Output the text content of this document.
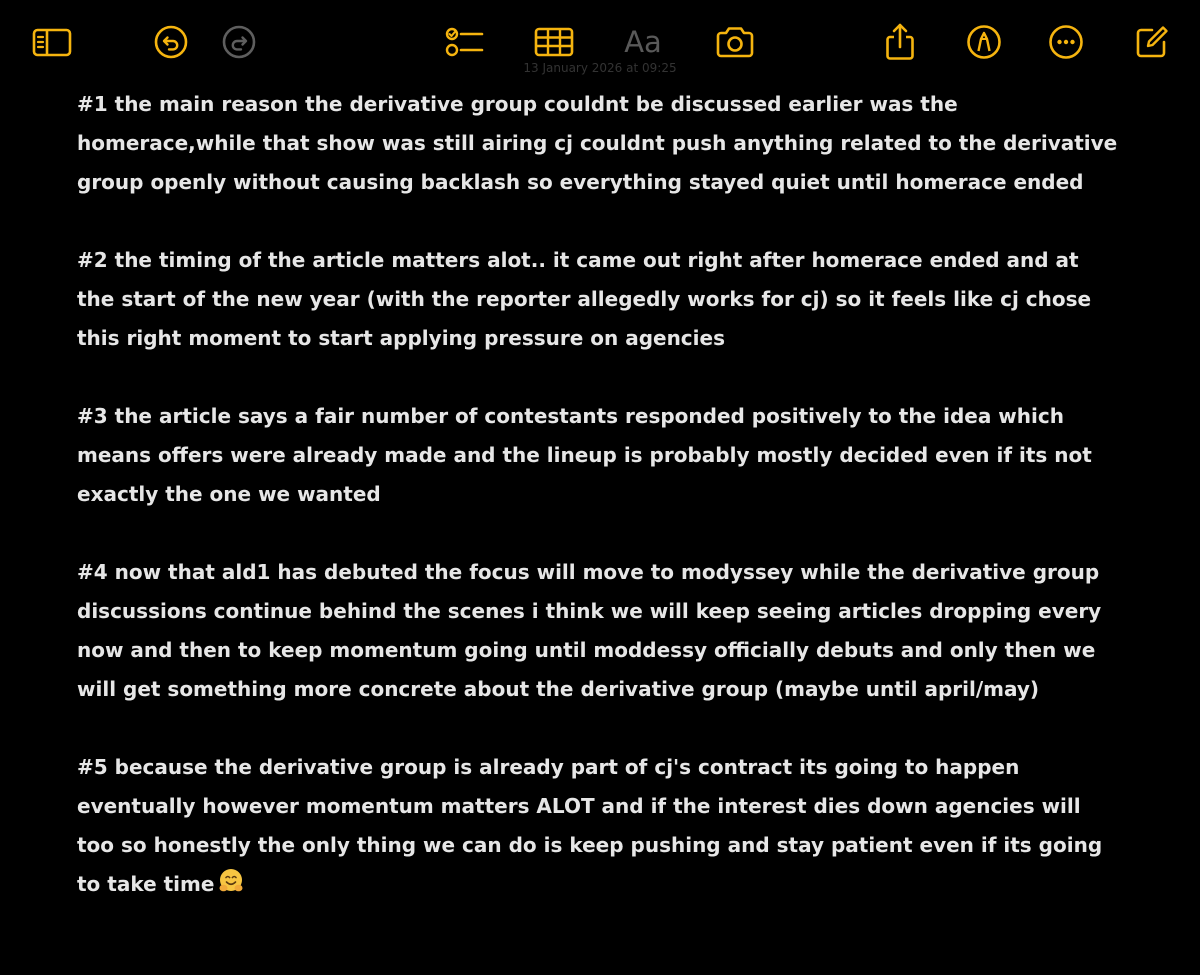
Aa
13 January 2026 at 09:25

#1 the main reason the derivative group couldnt be discussed earlier was the homerace,while that show was still airing cj couldnt push anything related to the derivative group openly without causing backlash so everything stayed quiet until homerace ended

#2 the timing of the article matters alot.. it came out right after homerace ended and at the start of the new year (with the reporter allegedly works for cj) so it feels like cj chose this right moment to start applying pressure on agencies

#3 the article says a fair number of contestants responded positively to the idea which means offers were already made and the lineup is probably mostly decided even if its not exactly the one we wanted

#4 now that ald1 has debuted the focus will move to modyssey while the derivative group discussions continue behind the scenes i think we will keep seeing articles dropping every now and then to keep momentum going until moddessy officially debuts and only then we will get something more concrete about the derivative group (maybe until april/may)

#5 because the derivative group is already part of cj's contract its going to happen eventually however momentum matters ALOT and if the interest dies down agencies will too so honestly the only thing we can do is keep pushing and stay patient even if its going to take time
